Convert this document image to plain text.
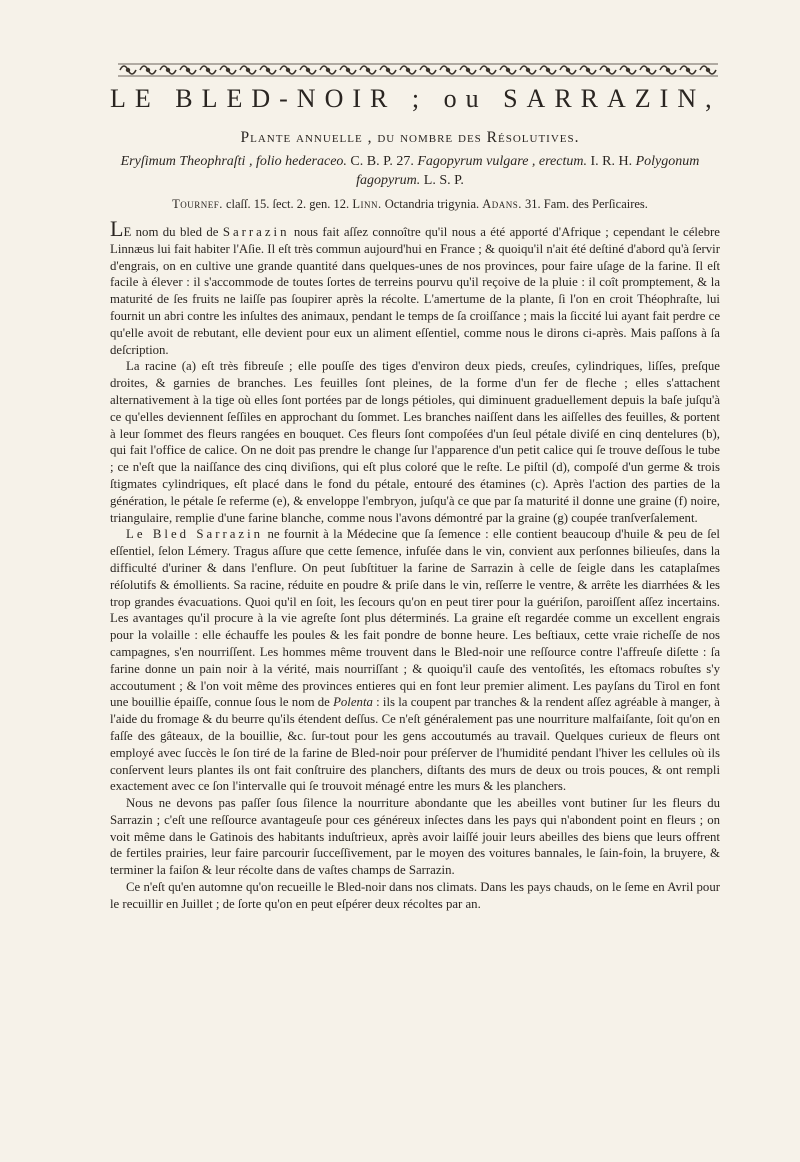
LE BLED-NOIR ; ou SARRAZIN,
Plante annuelle , du nombre des Résolutives.
Eryſimum Theophraſti , folio hederaceo. C. B. P. 27. Fagopyrum vulgare , erectum. I. R. H. Polygonum fagopyrum. L. S. P.
Tournef. claſſ. 15. ſect. 2. gen. 12. Linn. Octandria trigynia. Adans. 31. Fam. des Perſicaires.

LE nom du bled de Sarrazin nous fait aſſez connoître qu'il nous a été apporté d'Afrique ; cependant le célebre Linnæus lui fait habiter l'Aſie. Il eſt très commun aujourd'hui en France ; & quoiqu'il n'ait été deſtiné d'abord qu'à ſervir d'engrais, on en cultive une grande quantité dans quelques-unes de nos provinces, pour faire uſage de la farine. Il eſt facile à élever : il s'accommode de toutes ſortes de terreins pourvu qu'il reçoive de la pluie : il coît promptement, & la maturité de ſes fruits ne laiſſe pas ſoupirer après la récolte. L'amertume de la plante, ſi l'on en croit Théophraſte, lui fournit un abri contre les inſultes des animaux, pendant le temps de ſa croiſſance ; mais la ſiccité lui ayant fait perdre ce qu'elle avoit de rebutant, elle devient pour eux un aliment eſſentiel, comme nous le dirons ci-après. Mais paſſons à ſa deſcription.

La racine (a) eſt très fibreuſe ; elle pouſſe des tiges d'environ deux pieds, creuſes, cylindriques, liſſes, preſque droites, & garnies de branches. Les feuilles ſont pleines, de la forme d'un fer de fleche ; elles s'attachent alternativement à la tige où elles ſont portées par de longs pétioles, qui diminuent graduellement depuis la baſe juſqu'à ce qu'elles deviennent ſeſſiles en approchant du ſommet. Les branches naiſſent dans les aiſſelles des feuilles, & portent à leur ſommet des fleurs rangées en bouquet. Ces fleurs ſont compoſées d'un ſeul pétale diviſé en cinq dentelures (b), qui fait l'office de calice. On ne doit pas prendre le change ſur l'apparence d'un petit calice qui ſe trouve deſſous le tube ; ce n'eſt que la naiſſance des cinq diviſions, qui eſt plus coloré que le reſte. Le piſtil (d), compoſé d'un germe & trois ſtigmates cylindriques, eſt placé dans le fond du pétale, entouré des étamines (c). Après l'action des parties de la génération, le pétale ſe referme (e), & enveloppe l'embryon, juſqu'à ce que par ſa maturité il donne une graine (f) noire, triangulaire, remplie d'une farine blanche, comme nous l'avons démontré par la graine (g) coupée tranſverſalement.

Le Bled Sarrazin ne fournit à la Médecine que ſa ſemence : elle contient beaucoup d'huile & peu de ſel eſſentiel, ſelon Lémery. Tragus aſſure que cette ſemence, infuſée dans le vin, convient aux perſonnes bilieuſes, dans la difficulté d'uriner & dans l'enflure. On peut ſubſtituer la farine de Sarrazin à celle de ſeigle dans les cataplaſmes réſolutifs & émollients. Sa racine, réduite en poudre & priſe dans le vin, reſſerre le ventre, & arrête les diarrhées & les trop grandes évacuations. Quoi qu'il en ſoit, les ſecours qu'on en peut tirer pour la guériſon, paroiſſent aſſez incertains. Les avantages qu'il procure à la vie agreſte ſont plus déterminés. La graine eſt regardée comme un excellent engrais pour la volaille : elle échauffe les poules & les fait pondre de bonne heure. Les beſtiaux, cette vraie richeſſe de nos campagnes, s'en nourriſſent. Les hommes même trouvent dans le Bled-noir une reſſource contre l'affreuſe diſette : ſa farine donne un pain noir à la vérité, mais nourriſſant ; & quoiqu'il cauſe des ventoſités, les eſtomacs robuſtes s'y accoutument ; & l'on voit même des provinces entieres qui en font leur premier aliment. Les payſans du Tirol en font une bouillie épaiſſe, connue ſous le nom de Polenta : ils la coupent par tranches & la rendent aſſez agréable à manger, à l'aide du fromage & du beurre qu'ils étendent deſſus. Ce n'eſt généralement pas une nourriture malfaiſante, ſoit qu'on en faſſe des gâteaux, de la bouillie, &c. ſur-tout pour les gens accoutumés au travail. Quelques curieux de fleurs ont employé avec ſuccès le ſon tiré de la farine de Bled-noir pour préſerver de l'humidité pendant l'hiver les cellules où ils conſervent leurs plantes ils ont fait conſtruire des planchers, diſtants des murs de deux ou trois pouces, & ont rempli exactement avec ce ſon l'intervalle qui ſe trouvoit ménagé entre les murs & les planchers.

Nous ne devons pas paſſer ſous ſilence la nourriture abondante que les abeilles vont butiner ſur les fleurs du Sarrazin ; c'eſt une reſſource avantageuſe pour ces généreux inſectes dans les pays qui n'abondent point en fleurs ; on voit même dans le Gatinois des habitants induſtrieux, après avoir laiſſé jouir leurs abeilles des biens que leurs offrent de fertiles prairies, leur faire parcourir ſucceſſivement, par le moyen des voitures bannales, le ſain-foin, la bruyere, & terminer la faiſon & leur récolte dans de vaſtes champs de Sarrazin.

Ce n'eſt qu'en automne qu'on recueille le Bled-noir dans nos climats. Dans les pays chauds, on le ſeme en Avril pour le recuillir en Juillet ; de ſorte qu'on en peut eſpérer deux récoltes par an.
